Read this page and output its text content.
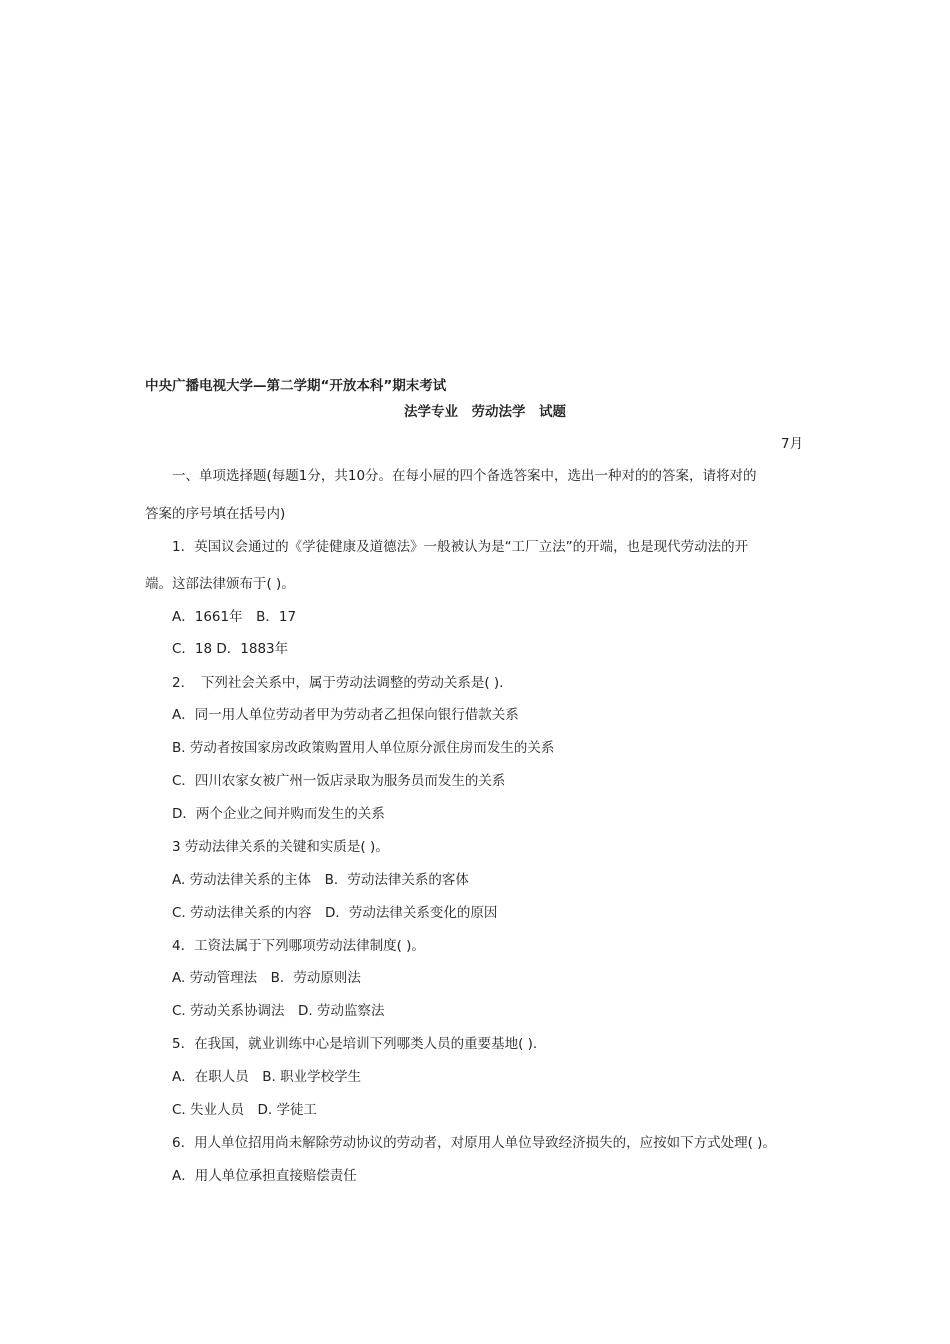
中央广播电视大学—第二学期“开放本科”期末考试
法学专业　劳动法学　试题
7月
一、单项选择题(每题1分，共10分。在每小屉的四个备选答案中，选出一种对的的答案，请将对的
答案的序号填在括号内)
1．英国议会通过的《学徒健康及道德法》一般被认为是“工厂立法”的开端，也是现代劳动法的开
端。这部法律颁布于( )。
A．1661年　B．17
C．18 D．1883年
2．　下列社会关系中，属于劳动法调整的劳动关系是( ).
A．同一用人单位劳动者甲为劳动者乙担保向银行借款关系
B. 劳动者按国家房改政策购置用人单位原分派住房而发生的关系
C．四川农家女被广州一饭店录取为服务员而发生的关系
D．两个企业之间并购而发生的关系
3 劳动法律关系的关键和实质是( )。
A. 劳动法律关系的主体　B．劳动法律关系的客体
C. 劳动法律关系的内容　D．劳动法律关系变化的原因
4．工资法属于下列哪项劳动法律制度( )。
A. 劳动管理法　B．劳动原则法
C. 劳动关系协调法　D. 劳动监察法
5．在我国，就业训练中心是培训下列哪类人员的重要基地( ).
A．在职人员　B. 职业学校学生
C. 失业人员　D. 学徒工
6．用人单位招用尚未解除劳动协议的劳动者，对原用人单位导致经济损失的，应按如下方式处理( )。
A．用人单位承担直接赔偿责任
